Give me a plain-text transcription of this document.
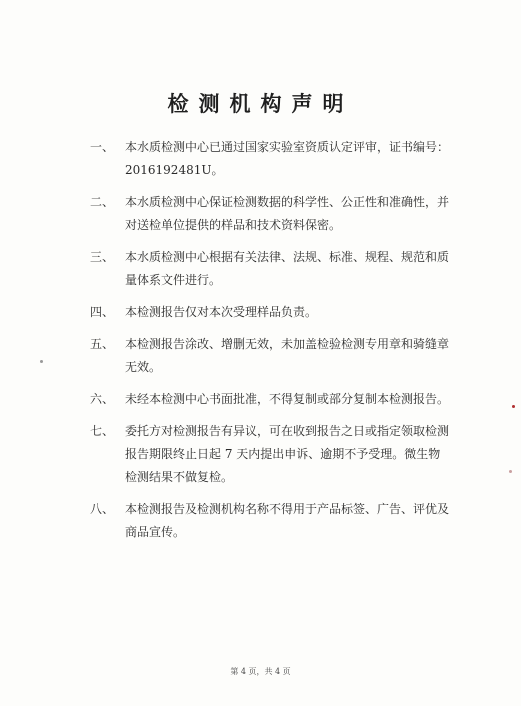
检测机构声明
一、 本水质检测中心已通过国家实验室资质认定评审，证书编号：2016192481U。
二、 本水质检测中心保证检测数据的科学性、公正性和准确性，并对送检单位提供的样品和技术资料保密。
三、 本水质检测中心根据有关法律、法规、标准、规程、规范和质量体系文件进行。
四、 本检测报告仅对本次受理样品负责。
五、 本检测报告涂改、增删无效，未加盖检验检测专用章和骑缝章无效。
六、 未经本检测中心书面批准，不得复制或部分复制本检测报告。
七、 委托方对检测报告有异议，可在收到报告之日或指定领取检测报告期限终止日起 7 天内提出申诉、逾期不予受理。微生物检测结果不做复检。
八、 本检测报告及检测机构名称不得用于产品标签、广告、评优及商品宣传。
第 4 页，共 4 页
